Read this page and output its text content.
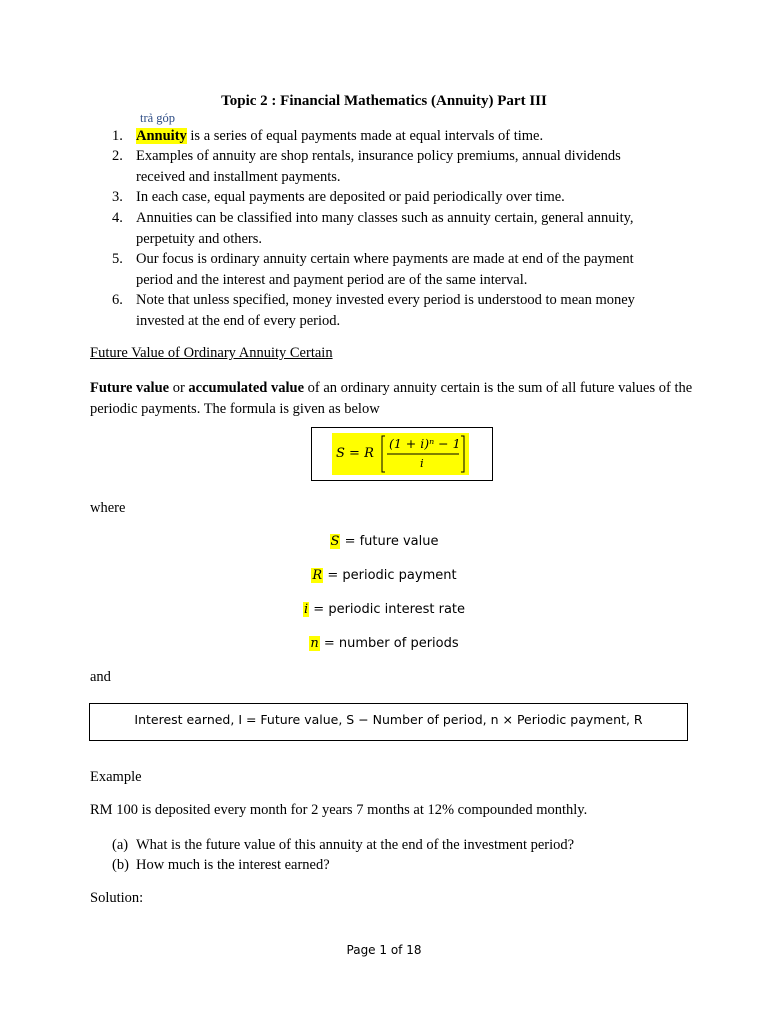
Topic 2 : Financial Mathematics (Annuity) Part III
trả góp
1. Annuity is a series of equal payments made at equal intervals of time.
2. Examples of annuity are shop rentals, insurance policy premiums, annual dividends received and installment payments.
3. In each case, equal payments are deposited or paid periodically over time.
4. Annuities can be classified into many classes such as annuity certain, general annuity, perpetuity and others.
5. Our focus is ordinary annuity certain where payments are made at end of the payment period and the interest and payment period are of the same interval.
6. Note that unless specified, money invested every period is understood to mean money invested at the end of every period.
Future Value of Ordinary Annuity Certain
Future value or accumulated value of an ordinary annuity certain is the sum of all future values of the periodic payments. The formula is given as below
S = R
(1 + i)ⁿ − 1
i
where
S = future value
R = periodic payment
i = periodic interest rate
n = number of periods
and
Interest earned, I = Future value, S − Number of period, n × Periodic payment, R
Example
RM 100 is deposited every month for 2 years 7 months at 12% compounded monthly.
(a) What is the future value of this annuity at the end of the investment period?
(b) How much is the interest earned?
Solution:
Page 1 of 18
